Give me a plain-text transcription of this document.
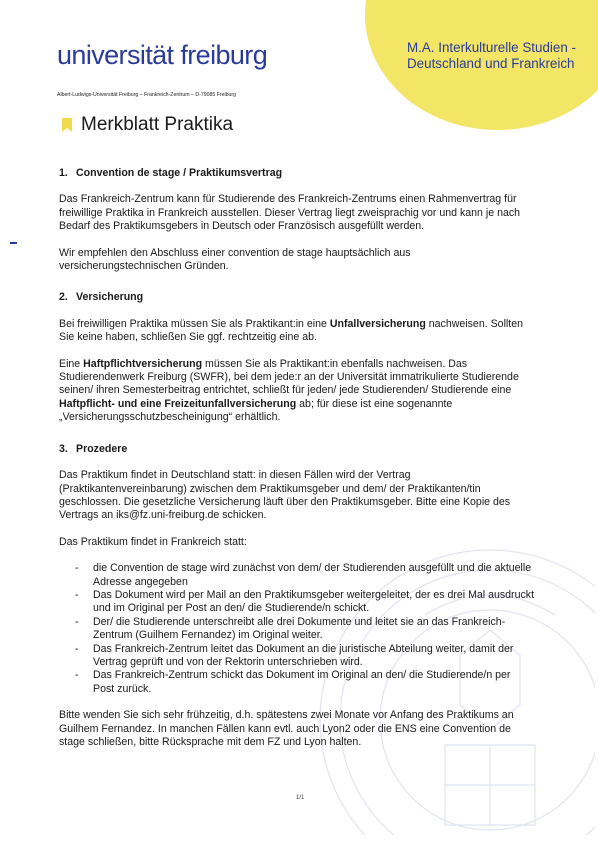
M.A. Interkulturelle Studien - Deutschland und Frankreich
universität freiburg
Albert-Ludwigs-Universität Freiburg – Frankreich-Zentrum – D-79085 Freiburg
Merkblatt Praktika
1. Convention de stage / Praktikumsvertrag

Das Frankreich-Zentrum kann für Studierende des Frankreich-Zentrums einen Rahmenvertrag für freiwillige Praktika in Frankreich ausstellen. Dieser Vertrag liegt zweisprachig vor und kann je nach Bedarf des Praktikumsgebers in Deutsch oder Französisch ausgefüllt werden.

Wir empfehlen den Abschluss einer convention de stage hauptsächlich aus versicherungstechnischen Gründen.

2. Versicherung

Bei freiwilligen Praktika müssen Sie als Praktikant:in eine Unfallversicherung nachweisen. Sollten Sie keine haben, schließen Sie ggf. rechtzeitig eine ab.

Eine Haftpflichtversicherung müssen Sie als Praktikant:in ebenfalls nachweisen. Das Studierendenwerk Freiburg (SWFR), bei dem jede:r an der Universität immatrikulierte Studierende seinen/ ihren Semesterbeitrag entrichtet, schließt für jeden/ jede Studierenden/ Studierende eine Haftpflicht- und eine Freizeitunfallversicherung ab; für diese ist eine sogenannte „Versicherungsschutzbescheinigung“ erhältlich.

3. Prozedere

Das Praktikum findet in Deutschland statt: in diesen Fällen wird der Vertrag (Praktikantenvereinbarung) zwischen dem Praktikumsgeber und dem/ der Praktikanten/tin geschlossen. Die gesetzliche Versicherung läuft über den Praktikumsgeber. Bitte eine Kopie des Vertrags an iks@fz.uni-freiburg.de schicken.

Das Praktikum findet in Frankreich statt:

-	die Convention de stage wird zunächst von dem/ der Studierenden ausgefüllt und die aktuelle Adresse angegeben
-	Das Dokument wird per Mail an den Praktikumsgeber weitergeleitet, der es drei Mal ausdruckt und im Original per Post an den/ die Studierende/n schickt.
-	Der/ die Studierende unterschreibt alle drei Dokumente und leitet sie an das Frankreich-Zentrum (Guilhem Fernandez) im Original weiter.
-	Das Frankreich-Zentrum leitet das Dokument an die juristische Abteilung weiter, damit der Vertrag geprüft und von der Rektorin unterschrieben wird.
-	Das Frankreich-Zentrum schickt das Dokument im Original an den/ die Studierende/n per Post zurück.

Bitte wenden Sie sich sehr frühzeitig, d.h. spätestens zwei Monate vor Anfang des Praktikums an Guilhem Fernandez. In manchen Fällen kann evtl. auch Lyon2 oder die ENS eine Convention de stage schließen, bitte Rücksprache mit dem FZ und Lyon halten.

1/1
